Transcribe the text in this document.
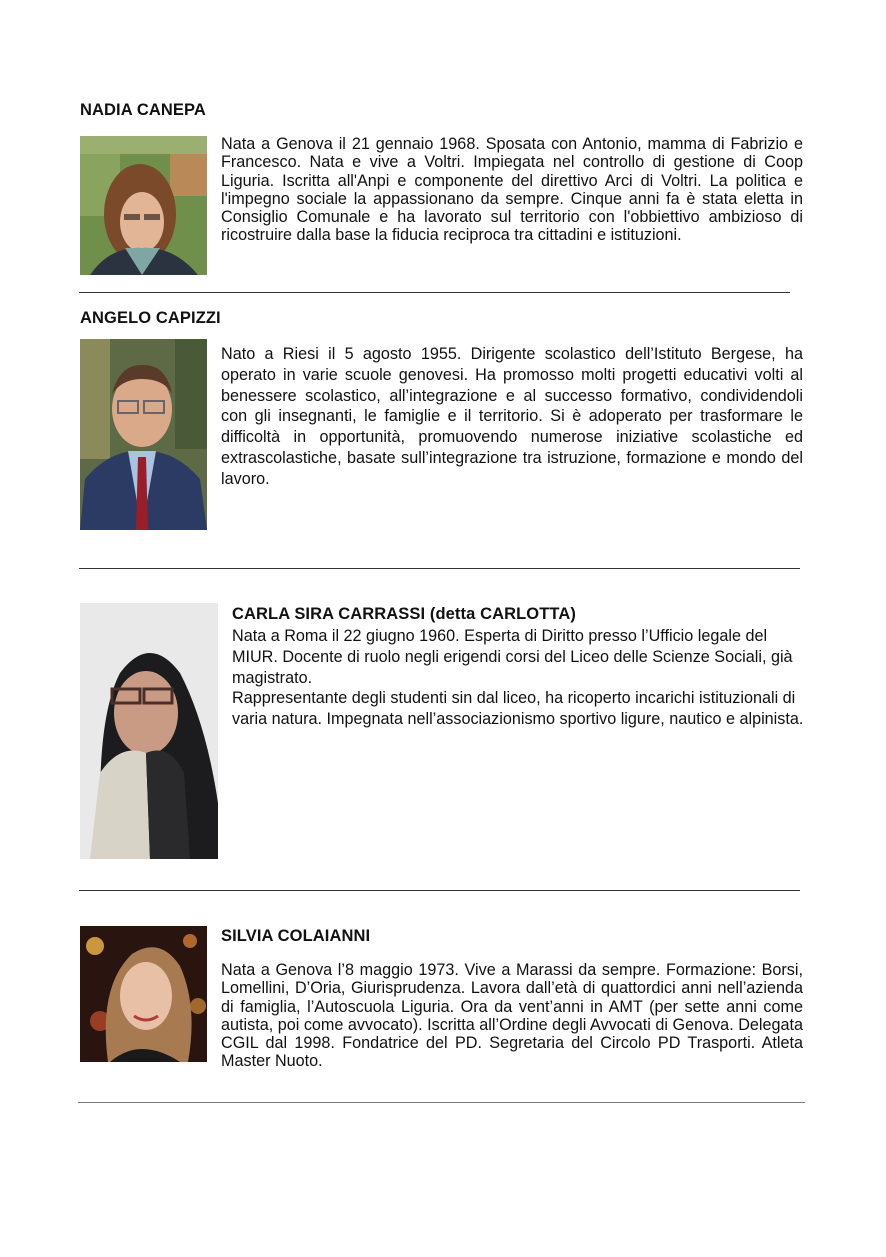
NADIA CANEPA

Nata a Genova il 21 gennaio 1968. Sposata con Antonio, mamma di Fabrizio e Francesco. Nata e vive a Voltri. Impiegata nel controllo di gestione di Coop Liguria. Iscritta all'Anpi e componente del direttivo Arci di Voltri. La politica e l'impegno sociale la appassionano da sempre. Cinque anni fa è stata eletta in Consiglio Comunale e ha lavorato sul territorio con l'obbiettivo ambizioso di ricostruire dalla base la fiducia reciproca tra cittadini e istituzioni.

ANGELO CAPIZZI

Nato a Riesi il 5 agosto 1955. Dirigente scolastico dell’Istituto Bergese, ha operato in varie scuole genovesi. Ha promosso molti progetti educativi volti al benessere scolastico, all’integrazione e al successo formativo, condividendoli con gli insegnanti, le famiglie e il territorio. Si è adoperato per trasformare le difficoltà in opportunità, promuovendo numerose iniziative scolastiche ed extrascolastiche, basate sull’integrazione tra istruzione, formazione e mondo del lavoro.

CARLA SIRA CARRASSI (detta CARLOTTA)

Nata a Roma il 22 giugno 1960. Esperta di Diritto presso l’Ufficio legale del MIUR. Docente di ruolo negli erigendi corsi del Liceo delle Scienze Sociali, già magistrato.

Rappresentante degli studenti sin dal liceo, ha ricoperto incarichi istituzionali di varia natura. Impegnata nell’associazionismo sportivo ligure, nautico e alpinista.

SILVIA COLAIANNI

Nata a Genova l’8 maggio 1973. Vive a Marassi da sempre. Formazione: Borsi, Lomellini, D’Oria, Giurisprudenza. Lavora dall’età di quattordici anni nell’azienda di famiglia, l’Autoscuola Liguria. Ora da vent’anni in AMT (per sette anni come autista, poi come avvocato). Iscritta all’Ordine degli Avvocati di Genova. Delegata CGIL dal 1998. Fondatrice del PD. Segretaria del Circolo PD Trasporti. Atleta Master Nuoto.
